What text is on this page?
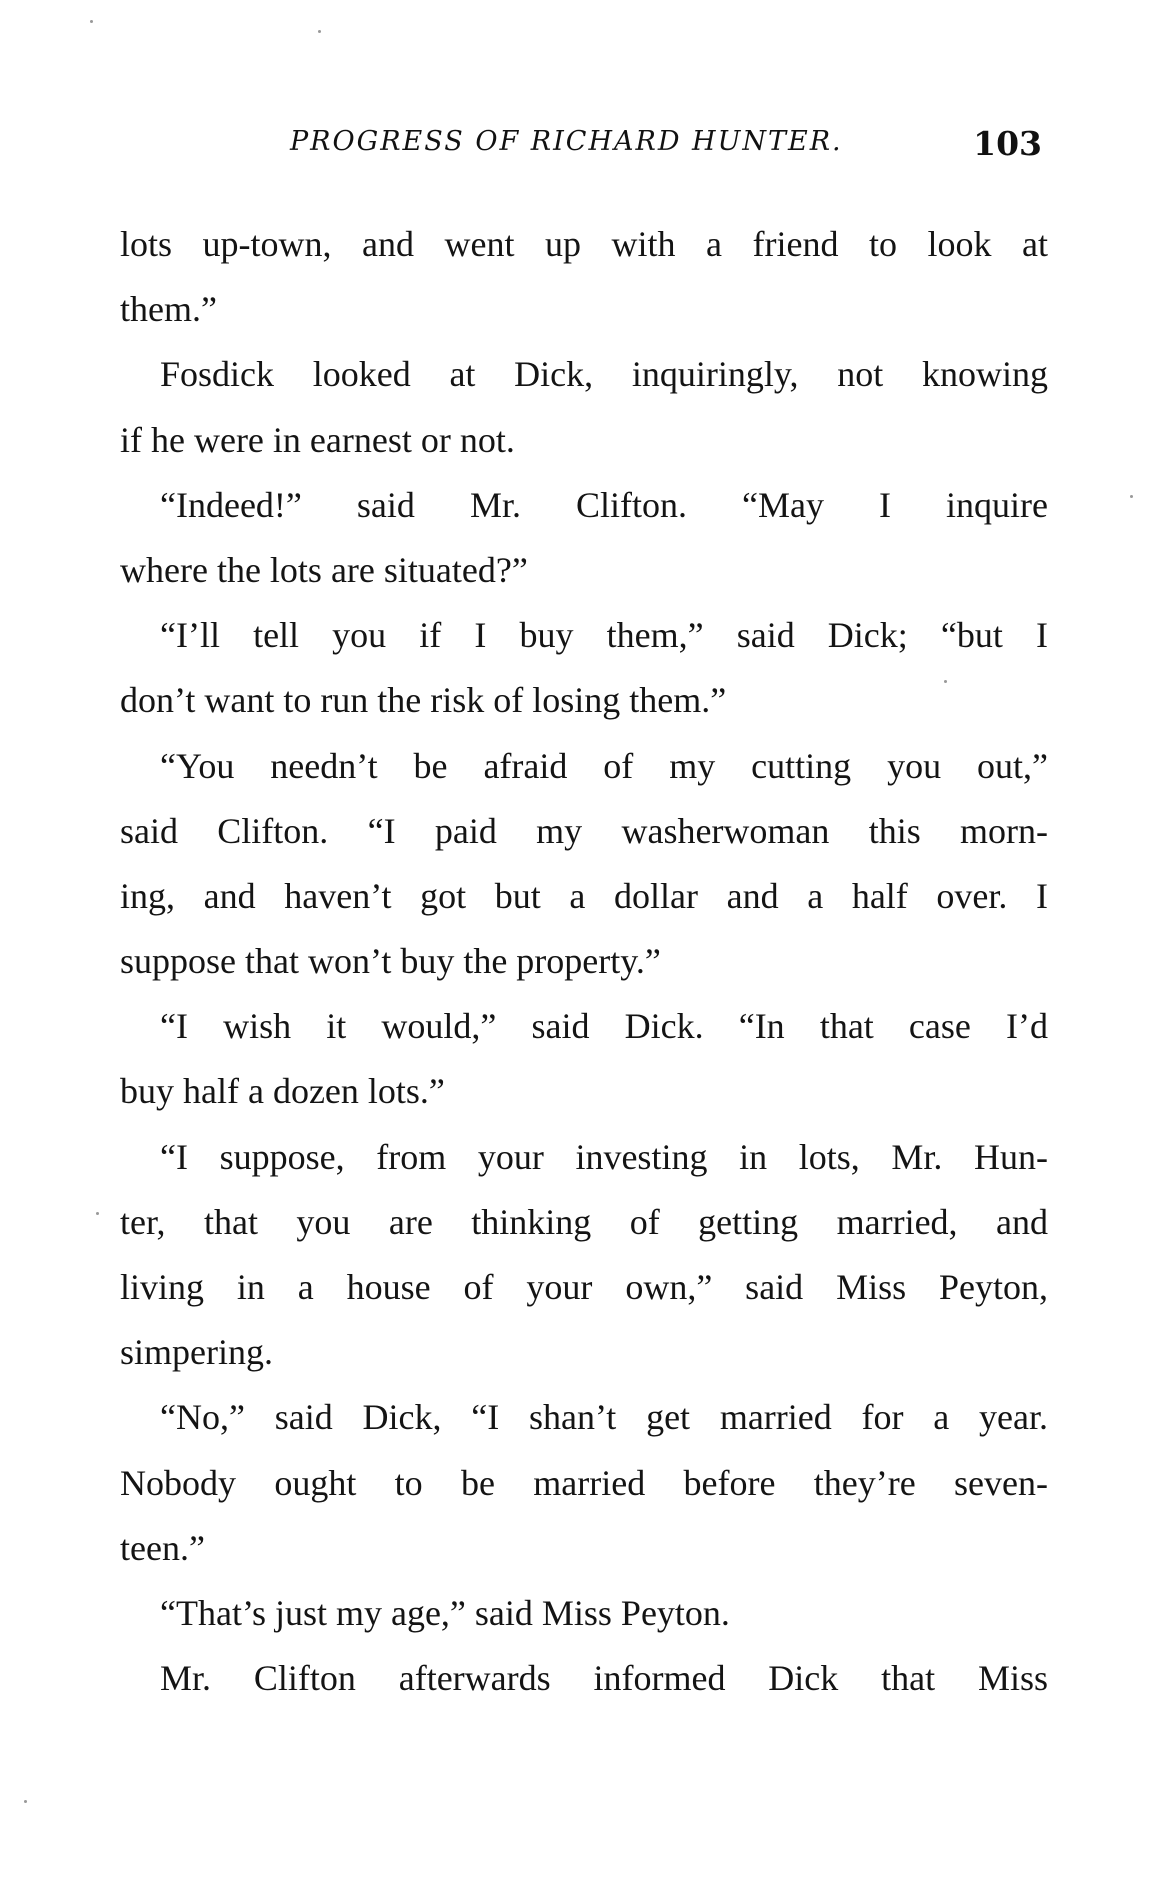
PROGRESS OF RICHARD HUNTER.	103
lots up-town, and went up with a friend to look at
them.”
Fosdick looked at Dick, inquiringly, not knowing
if he were in earnest or not.
“Indeed!” said Mr. Clifton. “May I inquire
where the lots are situated?”
“I’ll tell you if I buy them,” said Dick; “but I
don’t want to run the risk of losing them.”
“You needn’t be afraid of my cutting you out,”
said Clifton. “I paid my washerwoman this morn-
ing, and haven’t got but a dollar and a half over. I
suppose that won’t buy the property.”
“I wish it would,” said Dick. “In that case I’d
buy half a dozen lots.”
“I suppose, from your investing in lots, Mr. Hun-
ter, that you are thinking of getting married, and
living in a house of your own,” said Miss Peyton,
simpering.
“No,” said Dick, “I shan’t get married for a year.
Nobody ought to be married before they’re seven-
teen.”
“That’s just my age,” said Miss Peyton.
Mr. Clifton afterwards informed Dick that Miss
